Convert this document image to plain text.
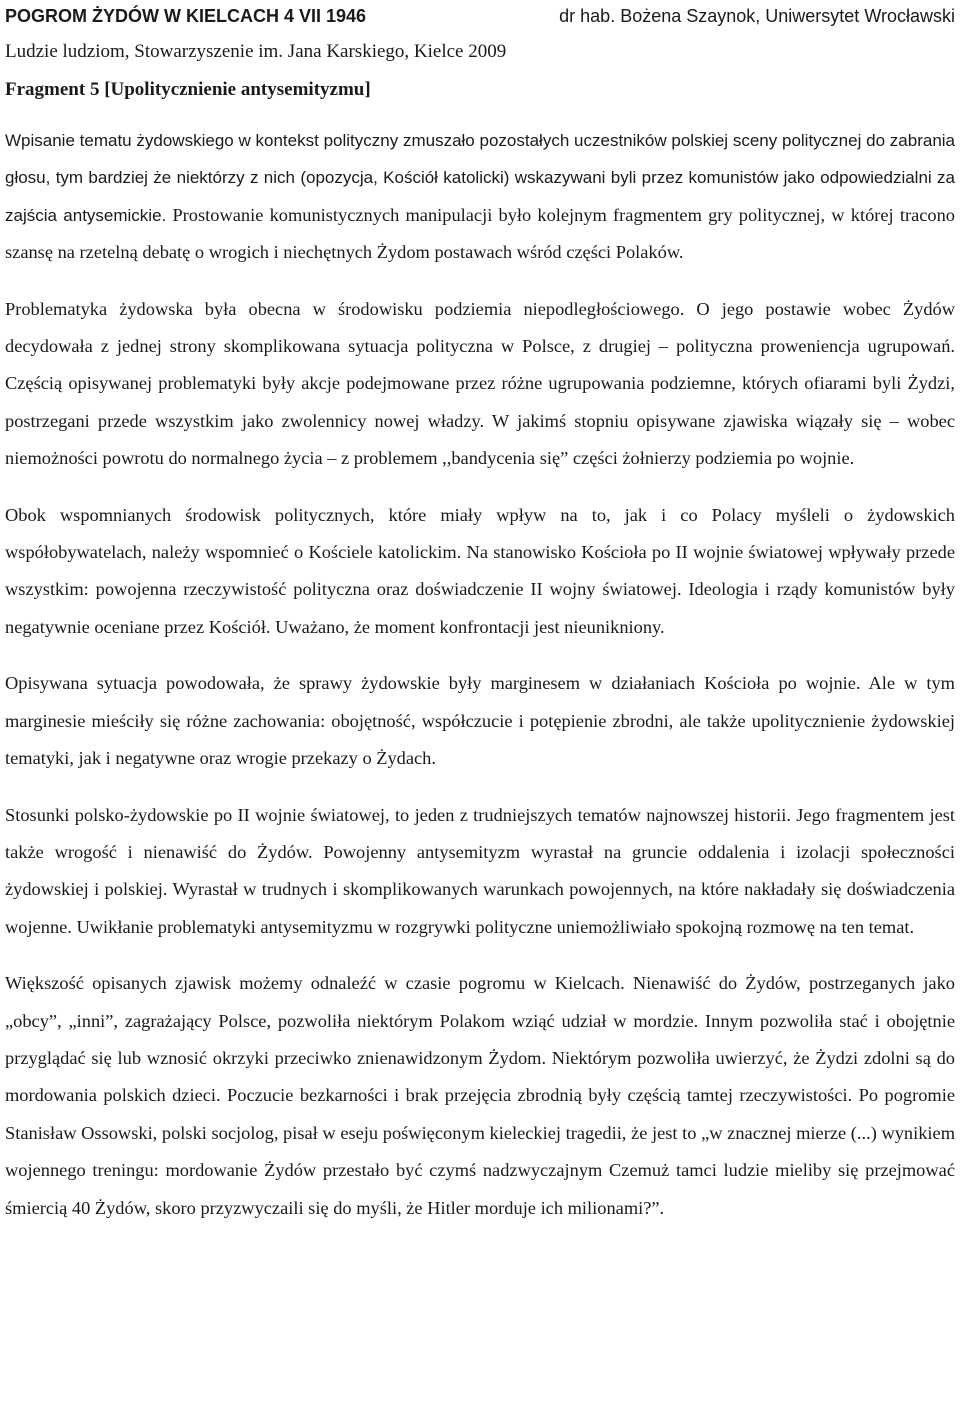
POGROM ŻYDÓW W KIELCACH 4 VII 1946	dr hab. Bożena Szaynok, Uniwersytet Wrocławski
Ludzie ludziom, Stowarzyszenie im. Jana Karskiego, Kielce 2009
Fragment 5 [Upolitycznienie antysemityzmu]

Wpisanie tematu żydowskiego w kontekst polityczny zmuszało pozostałych uczestników polskiej sceny politycznej do zabrania głosu, tym bardziej że niektórzy z nich (opozycja, Kościół katolicki) wskazywani byli przez komunistów jako odpowiedzialni za zajścia antysemickie. Prostowanie komunistycznych manipulacji było kolejnym fragmentem gry politycznej, w której tracono szansę na rzetelną debatę o wrogich i niechętnych Żydom postawach wśród części Polaków.

Problematyka żydowska była obecna w środowisku podziemia niepodległościowego. O jego postawie wobec Żydów decydowała z jednej strony skomplikowana sytuacja polityczna w Polsce, z drugiej – polityczna proweniencja ugrupowań. Częścią opisywanej problematyki były akcje podejmowane przez różne ugrupowania podziemne, których ofiarami byli Żydzi, postrzegani przede wszystkim jako zwolennicy nowej władzy. W jakimś stopniu opisywane zjawiska wiązały się – wobec niemożności powrotu do normalnego życia – z problemem ,,bandycenia się” części żołnierzy podziemia po wojnie.

Obok wspomnianych środowisk politycznych, które miały wpływ na to, jak i co Polacy myśleli o żydowskich współobywatelach, należy wspomnieć o Kościele katolickim. Na stanowisko Kościoła po II wojnie światowej wpływały przede wszystkim: powojenna rzeczywistość polityczna oraz doświadczenie II wojny światowej. Ideologia i rządy komunistów były negatywnie oceniane przez Kościół. Uważano, że moment konfrontacji jest nieunikniony.

Opisywana sytuacja powodowała, że sprawy żydowskie były marginesem w działaniach Kościoła po wojnie. Ale w tym marginesie mieściły się różne zachowania: obojętność, współczucie i potępienie zbrodni, ale także upolitycznienie żydowskiej tematyki, jak i negatywne oraz wrogie przekazy o Żydach.

Stosunki polsko-żydowskie po II wojnie światowej, to jeden z trudniejszych tematów najnowszej historii. Jego fragmentem jest także wrogość i nienawiść do Żydów. Powojenny antysemityzm wyrastał na gruncie oddalenia i izolacji społeczności żydowskiej i polskiej. Wyrastał w trudnych i skomplikowanych warunkach powojennych, na które nakładały się doświadczenia wojenne. Uwikłanie problematyki antysemityzmu w rozgrywki polityczne uniemożliwiało spokojną rozmowę na ten temat.

Większość opisanych zjawisk możemy odnaleźć w czasie pogromu w Kielcach. Nienawiść do Żydów, postrzeganych jako „obcy”, „inni”, zagrażający Polsce, pozwoliła niektórym Polakom wziąć udział w mordzie. Innym pozwoliła stać i obojętnie przyglądać się lub wznosić okrzyki przeciwko znienawidzonym Żydom. Niektórym pozwoliła uwierzyć, że Żydzi zdolni są do mordowania polskich dzieci. Poczucie bezkarności i brak przejęcia zbrodnią były częścią tamtej rzeczywistości. Po pogromie Stanisław Ossowski, polski socjolog, pisał w eseju poświęconym kieleckiej tragedii, że jest to „w znacznej mierze (...) wynikiem wojennego treningu: mordowanie Żydów przestało być czymś nadzwyczajnym Czemuż tamci ludzie mieliby się przejmować śmiercią 40 Żydów, skoro przyzwyczaili się do myśli, że Hitler morduje ich milionami?”.
